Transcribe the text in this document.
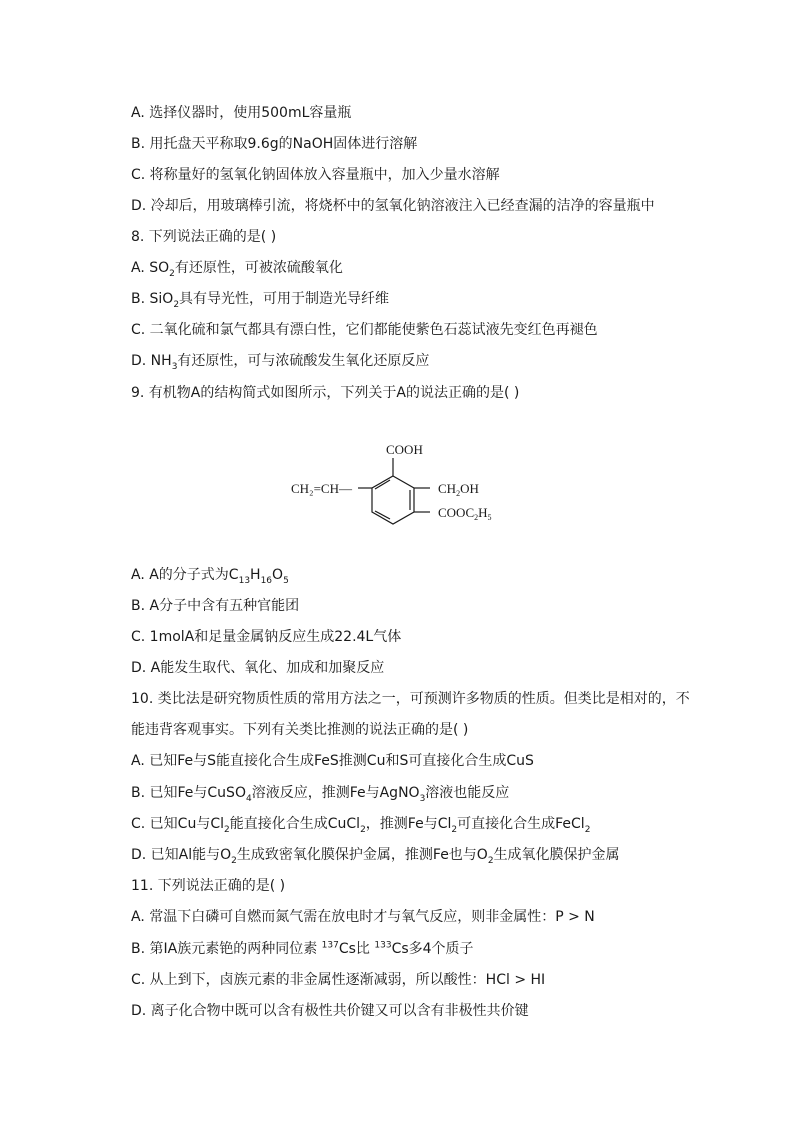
A. 选择仪器时，使用500mL容量瓶
B. 用托盘天平称取9.6g的NaOH固体进行溶解
C. 将称量好的氢氧化钠固体放入容量瓶中，加入少量水溶解
D. 冷却后，用玻璃棒引流，将烧杯中的氢氧化钠溶液注入已经查漏的洁净的容量瓶中
8. 下列说法正确的是( )
A. $SO_2$有还原性，可被浓硫酸氧化
B. SiO$_2$具有导光性，可用于制造光导纤维
C. 二氧化硫和氯气都具有漂白性，它们都能使紫色石蕊试液先变红色再褪色
D. $NH_3$有还原性，可与浓硫酸发生氧化还原反应
9. 有机物A的结构简式如图所示，下列关于A的说法正确的是( )
COOH
CH₂=CH—	$CH_2OH$
$COOC_2H_5$
A. A的分子式为$C_{13}H_{16}O_5$
B. A分子中含有五种官能团
C. 1molA和足量金属钠反应生成22.4L气体
D. A能发生取代、氧化、加成和加聚反应
10. 类比法是研究物质性质的常用方法之一，可预测许多物质的性质。但类比是相对的，不能违背客观事实。下列有关类比推测的说法正确的是( )
A. 已知Fe与S能直接化合生成FeS推测Cu和S可直接化合生成CuS
B. 已知Fe与CuSO$_4$溶液反应，推测Fe与AgNO$_3$溶液也能反应
C. 已知Cu与$Cl_2$能直接化合生成CuCl$_2$，推测Fe与$Cl_2$可直接化合生成FeCl$_2$
D. 已知Al能与$O_2$生成致密氧化膜保护金属，推测Fe也与$O_2$生成氧化膜保护金属
11. 下列说法正确的是( )
A. 常温下白磷可自燃而氮气需在放电时才与氧气反应，则非金属性：P > N
B. 第ⅠA族元素铯的两种同位素 $^{137}$Cs比 $^{133}$Cs多4个质子
C. 从上到下，卤族元素的非金属性逐渐减弱，所以酸性：HCl > HI
D. 离子化合物中既可以含有极性共价键又可以含有非极性共价键
